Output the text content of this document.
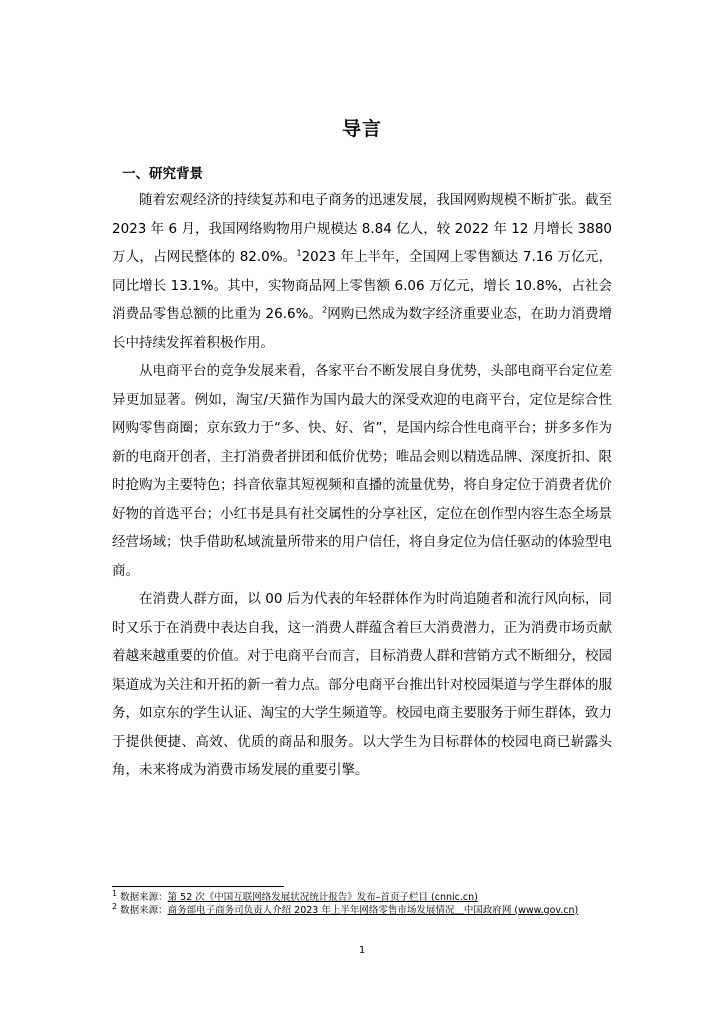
导言
一、研究背景

随着宏观经济的持续复苏和电子商务的迅速发展，我国网购规模不断扩张。截至 2023 年 6 月，我国网络购物用户规模达 8.84 亿人，较 2022 年 12 月增长 3880 万人，占网民整体的 82.0%。$^1$2023 年上半年，全国网上零售额达 7.16 万亿元，同比增长 13.1%。其中，实物商品网上零售额 6.06 万亿元，增长 10.8%，占社会消费品零售总额的比重为 26.6%。$^2$网购已然成为数字经济重要业态，在助力消费增长中持续发挥着积极作用。

从电商平台的竞争发展来看，各家平台不断发展自身优势，头部电商平台定位差异更加显著。例如，淘宝/天猫作为国内最大的深受欢迎的电商平台，定位是综合性网购零售商圈；京东致力于“多、快、好、省”，是国内综合性电商平台；拼多多作为新的电商开创者，主打消费者拼团和低价优势；唯品会则以精选品牌、深度折扣、限时抢购为主要特色；抖音依靠其短视频和直播的流量优势，将自身定位于消费者优价好物的首选平台；小红书是具有社交属性的分享社区，定位在创作型内容生态全场景经营场域；快手借助私域流量所带来的用户信任，将自身定位为信任驱动的体验型电商。

在消费人群方面，以 00 后为代表的年轻群体作为时尚追随者和流行风向标，同时又乐于在消费中表达自我，这一消费人群蕴含着巨大消费潜力，正为消费市场贡献着越来越重要的价值。对于电商平台而言，目标消费人群和营销方式不断细分，校园渠道成为关注和开拓的新一着力点。部分电商平台推出针对校园渠道与学生群体的服务，如京东的学生认证、淘宝的大学生频道等。校园电商主要服务于师生群体，致力于提供便捷、高效、优质的商品和服务。以大学生为目标群体的校园电商已崭露头角，未来将成为消费市场发展的重要引擎。

$^1$ 数据来源：第 52 次《中国互联网络发展状况统计报告》发布–首页子栏目 (cnnic.cn)

$^2$ 数据来源：商务部电子商务司负责人介绍 2023 年上半年网络零售市场发展情况＿中国政府网 (www.gov.cn)

1
